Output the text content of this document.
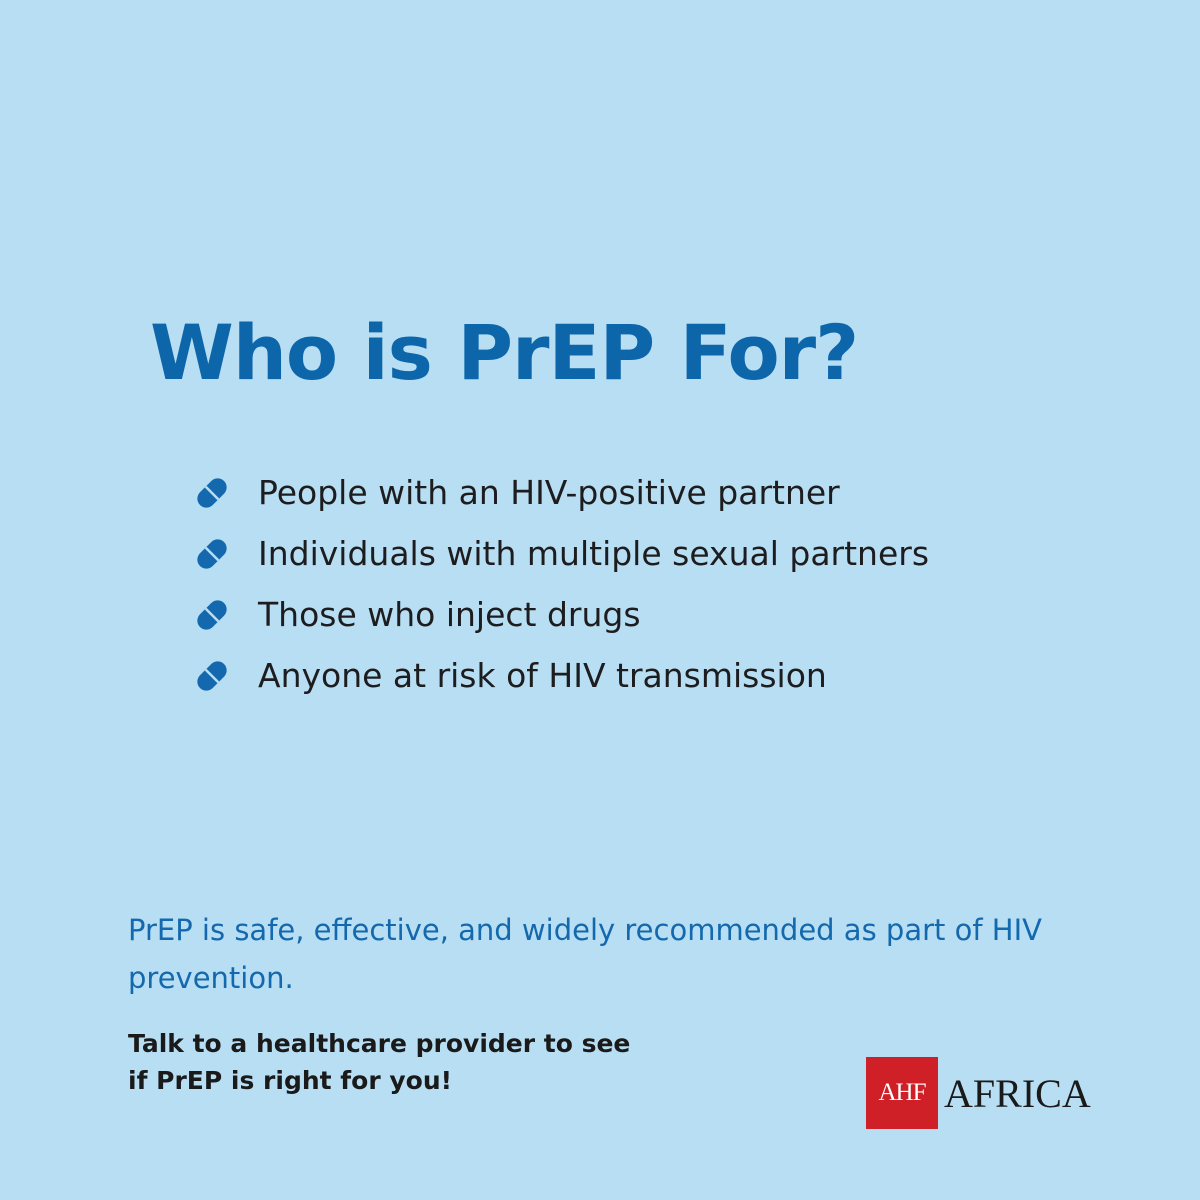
Who is PrEP For?
People with an HIV-positive partner
Individuals with multiple sexual partners
Those who inject drugs
Anyone at risk of HIV transmission

PrEP is safe, effective, and widely recommended as part of HIV prevention.

Talk to a healthcare provider to see
if PrEP is right for you!	AHF AFRICA
